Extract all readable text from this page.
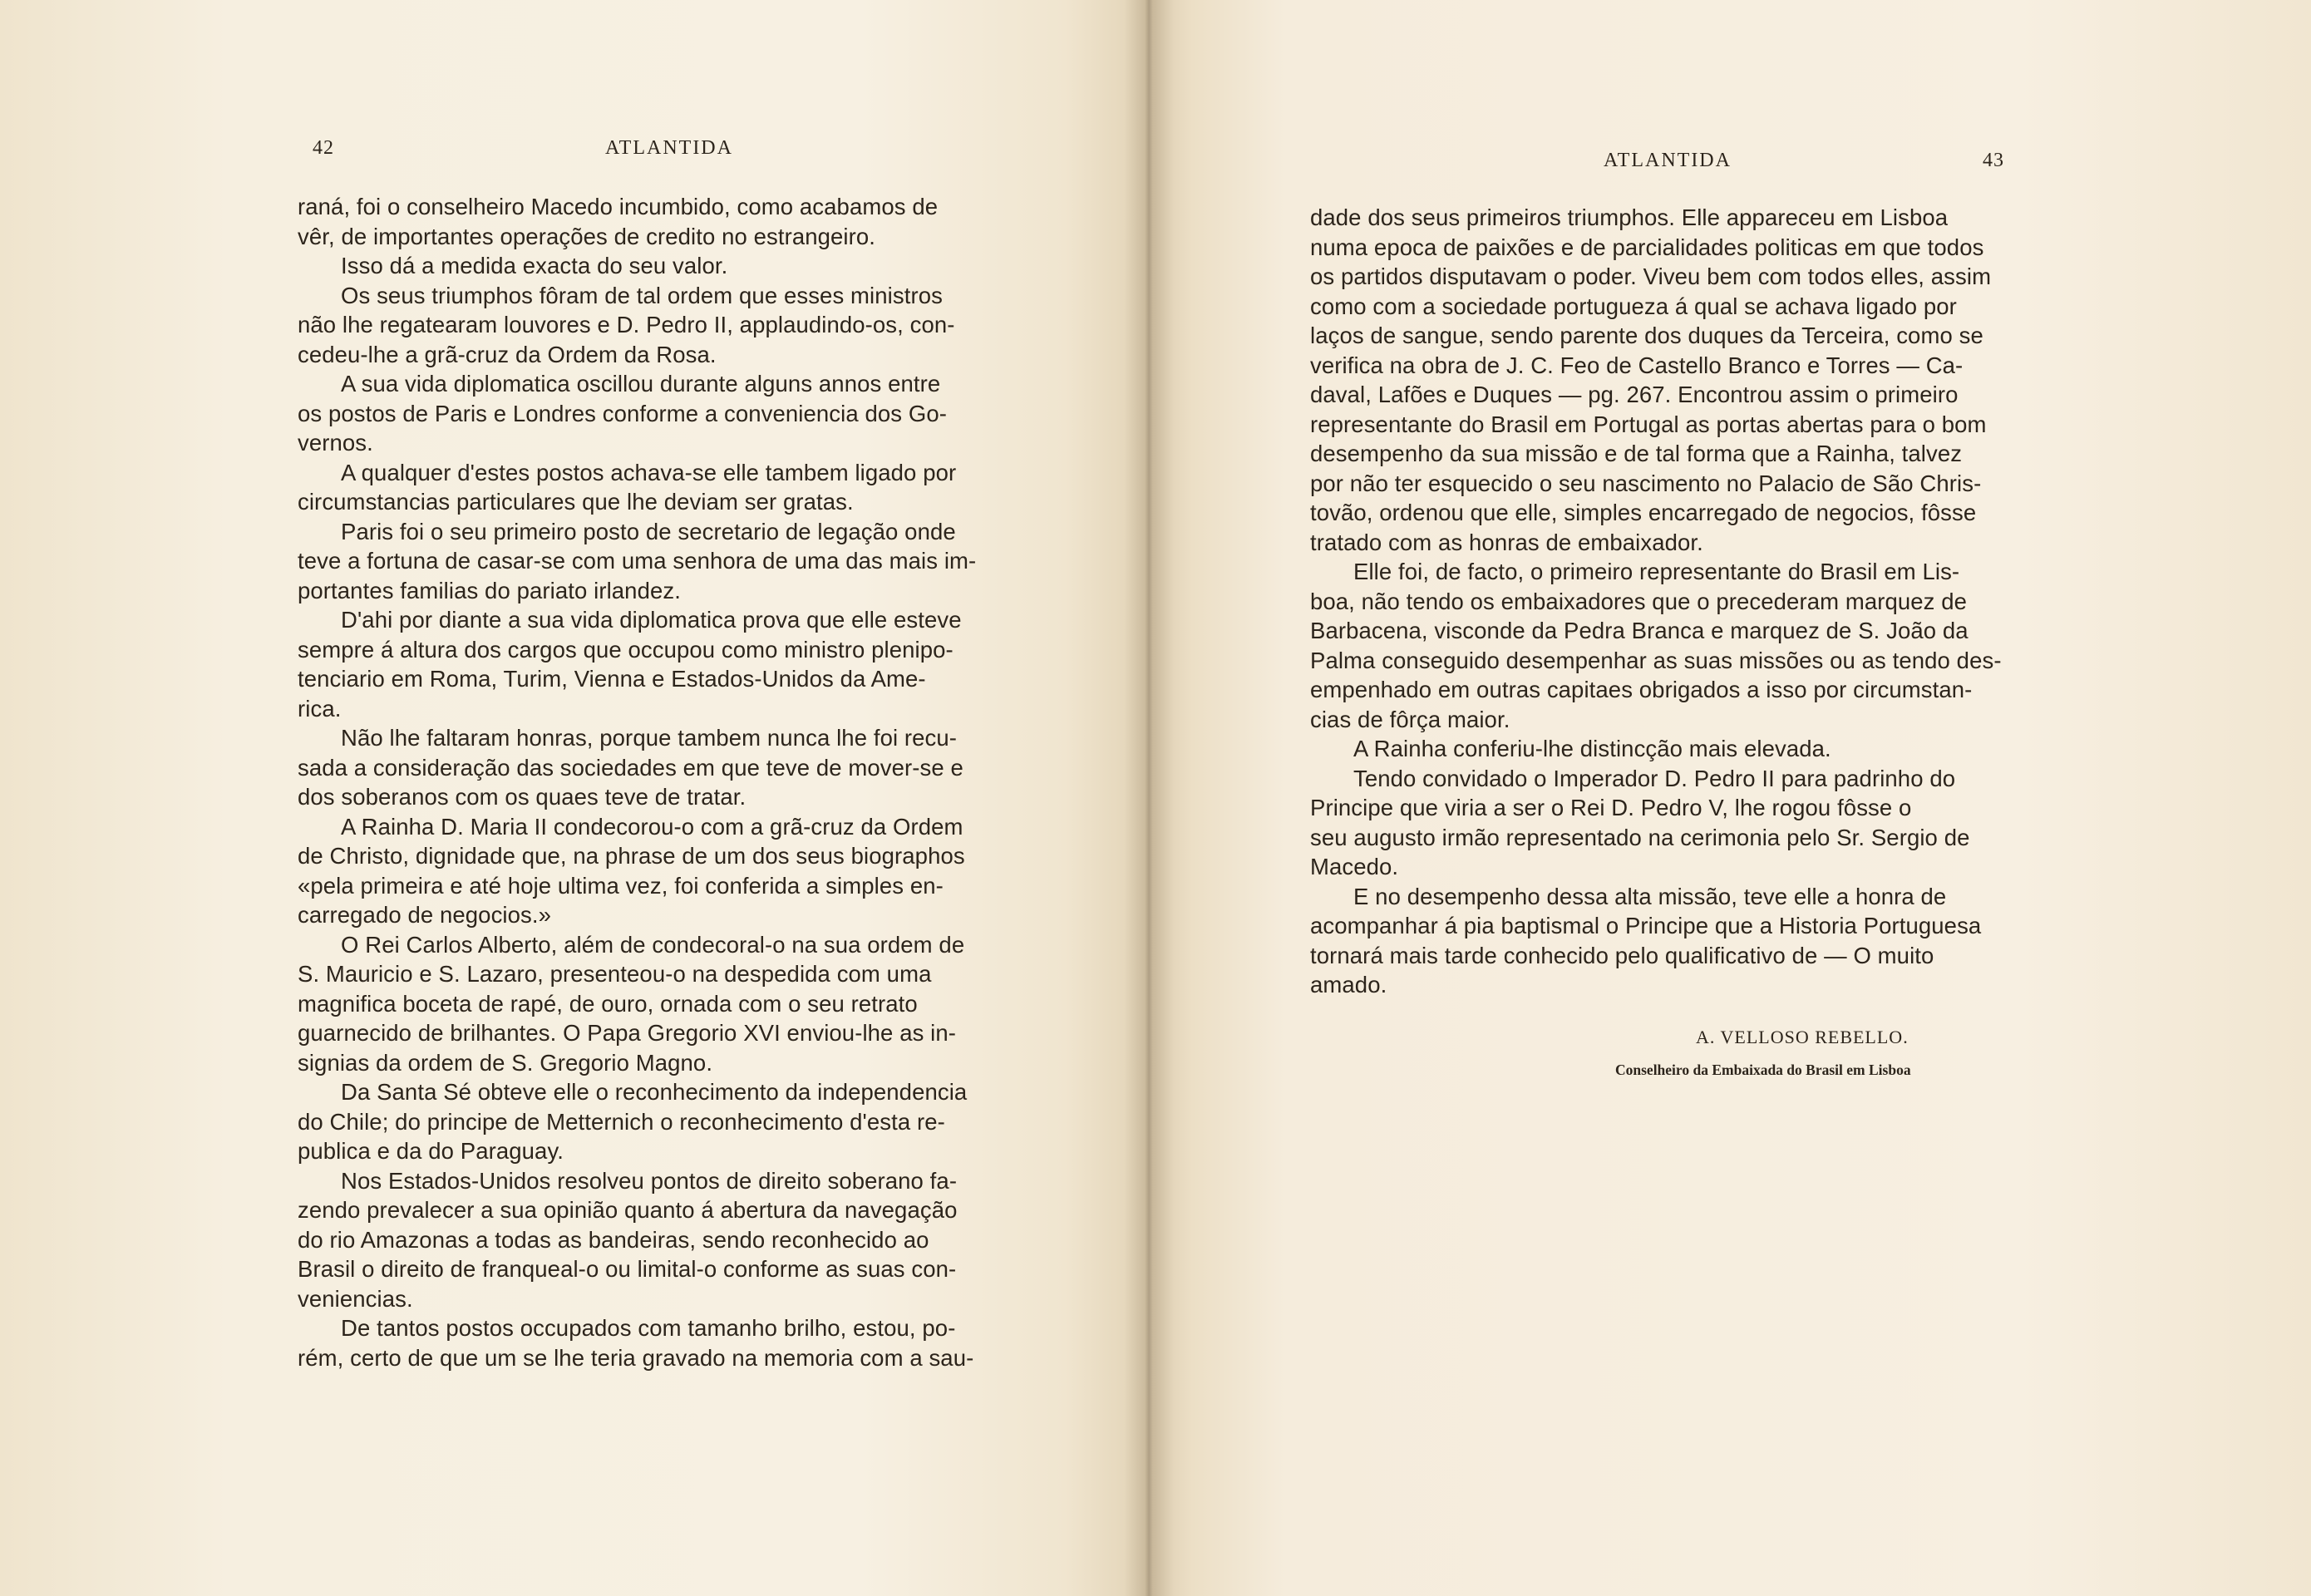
42	ATLANTIDA
raná, foi o conselheiro Macedo incumbido, como acabamos de
vêr, de importantes operações de credito no estrangeiro.
Isso dá a medida exacta do seu valor.
Os seus triumphos fôram de tal ordem que esses ministros
não lhe regatearam louvores e D. Pedro II, applaudindo-os, con-
cedeu-lhe a grã-cruz da Ordem da Rosa.
A sua vida diplomatica oscillou durante alguns annos entre
os postos de Paris e Londres conforme a conveniencia dos Go-
vernos.
A qualquer d'estes postos achava-se elle tambem ligado por
circumstancias particulares que lhe deviam ser gratas.
Paris foi o seu primeiro posto de secretario de legação onde
teve a fortuna de casar-se com uma senhora de uma das mais im-
portantes familias do pariato irlandez.
D'ahi por diante a sua vida diplomatica prova que elle esteve
sempre á altura dos cargos que occupou como ministro plenipo-
tenciario em Roma, Turim, Vienna e Estados-Unidos da Ame-
rica.
Não lhe faltaram honras, porque tambem nunca lhe foi recu-
sada a consideração das sociedades em que teve de mover-se e
dos soberanos com os quaes teve de tratar.
A Rainha D. Maria II condecorou-o com a grã-cruz da Ordem
de Christo, dignidade que, na phrase de um dos seus biographos
«pela primeira e até hoje ultima vez, foi conferida a simples en-
carregado de negocios.»
O Rei Carlos Alberto, além de condecoral-o na sua ordem de
S. Mauricio e S. Lazaro, presenteou-o na despedida com uma
magnifica boceta de rapé, de ouro, ornada com o seu retrato
guarnecido de brilhantes. O Papa Gregorio XVI enviou-lhe as in-
signias da ordem de S. Gregorio Magno.
Da Santa Sé obteve elle o reconhecimento da independencia
do Chile; do principe de Metternich o reconhecimento d'esta re-
publica e da do Paraguay.
Nos Estados-Unidos resolveu pontos de direito soberano fa-
zendo prevalecer a sua opinião quanto á abertura da navegação
do rio Amazonas a todas as bandeiras, sendo reconhecido ao
Brasil o direito de franqueal-o ou limital-o conforme as suas con-
veniencias.
De tantos postos occupados com tamanho brilho, estou, po-
rém, certo de que um se lhe teria gravado na memoria com a sau-
ATLANTIDA	43
dade dos seus primeiros triumphos. Elle appareceu em Lisboa
numa epoca de paixões e de parcialidades politicas em que todos
os partidos disputavam o poder. Viveu bem com todos elles, assim
como com a sociedade portugueza á qual se achava ligado por
laços de sangue, sendo parente dos duques da Terceira, como se
verifica na obra de J. C. Feo de Castello Branco e Torres — Ca-
daval, Lafões e Duques — pg. 267. Encontrou assim o primeiro
representante do Brasil em Portugal as portas abertas para o bom
desempenho da sua missão e de tal forma que a Rainha, talvez
por não ter esquecido o seu nascimento no Palacio de São Chris-
tovão, ordenou que elle, simples encarregado de negocios, fôsse
tratado com as honras de embaixador.
Elle foi, de facto, o primeiro representante do Brasil em Lis-
boa, não tendo os embaixadores que o precederam marquez de
Barbacena, visconde da Pedra Branca e marquez de S. João da
Palma conseguido desempenhar as suas missões ou as tendo des-
empenhado em outras capitaes obrigados a isso por circumstan-
cias de fôrça maior.
A Rainha conferiu-lhe distincção mais elevada.
Tendo convidado o Imperador D. Pedro II para padrinho do
Principe que viria a ser o Rei D. Pedro V, lhe rogou fôsse o
seu augusto irmão representado na cerimonia pelo Sr. Sergio de
Macedo.
E no desempenho dessa alta missão, teve elle a honra de
acompanhar á pia baptismal o Principe que a Historia Portuguesa
tornará mais tarde conhecido pelo qualificativo de — O muito
amado.
A. VELLOSO REBELLO.
Conselheiro da Embaixada do Brasil em Lisboa
